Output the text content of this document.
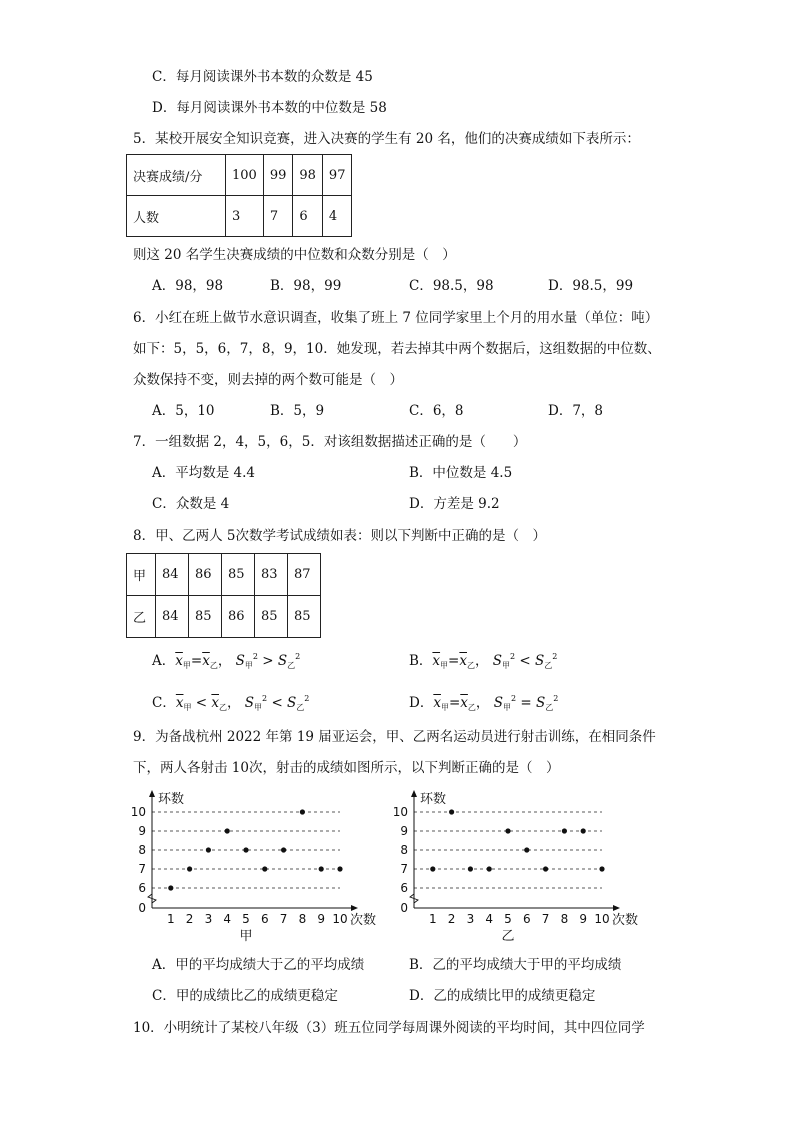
C．每月阅读课外书本数的众数是 45
D．每月阅读课外书本数的中位数是 58
5．某校开展安全知识竞赛，进入决赛的学生有 20 名，他们的决赛成绩如下表所示：
决赛成绩/分	100	99	98	97
人数	3	7	6	4
则这 20 名学生决赛成绩的中位数和众数分别是（　）
A．98，98	B．98，99	C．98.5，98	D．98.5，99
6．小红在班上做节水意识调查，收集了班上 7 位同学家里上个月的用水量（单位：吨）
如下：5，5，6，7，8，9，10．她发现，若去掉其中两个数据后，这组数据的中位数、
众数保持不变，则去掉的两个数可能是（　）
A．5，10	B．5，9	C．6，8	D．7，8
7．一组数据 2，4，5，6，5．对该组数据描述正确的是（　　）
A．平均数是 4.4	B．中位数是 4.5
C．众数是 4	D．方差是 9.2
8．甲、乙两人 5次数学考试成绩如表：则以下判断中正确的是（　）
甲	84	86	85	83	87
乙	84	85	86	85	85
A．$\overline{x}_甲=\overline{x}_乙$， $S_甲^2 > S_乙^2$	B．$\overline{x}_甲=\overline{x}_乙$， $S_甲^2 < S_乙^2$
C．$\overline{x}_甲 < \overline{x}_乙$， $S_甲^2 < S_乙^2$	D．$\overline{x}_甲=\overline{x}_乙$， $S_甲^2 = S_乙^2$
9．为备战杭州 2022 年第 19 届亚运会，甲、乙两名运动员进行射击训练，在相同条件
下，两人各射击 10次，射击的成绩如图所示，以下判断正确的是（　）
0
6
7
8
9
10
1 2 3 4 5 6 7 8 9 10
环数
次数
甲
0
6
7
8
9
10
1 2 3 4 5 6 7 8 9 10
环数
次数
乙
A．甲的平均成绩大于乙的平均成绩	B．乙的平均成绩大于甲的平均成绩
C．甲的成绩比乙的成绩更稳定	D．乙的成绩比甲的成绩更稳定
10．小明统计了某校八年级（3）班五位同学每周课外阅读的平均时间，其中四位同学
